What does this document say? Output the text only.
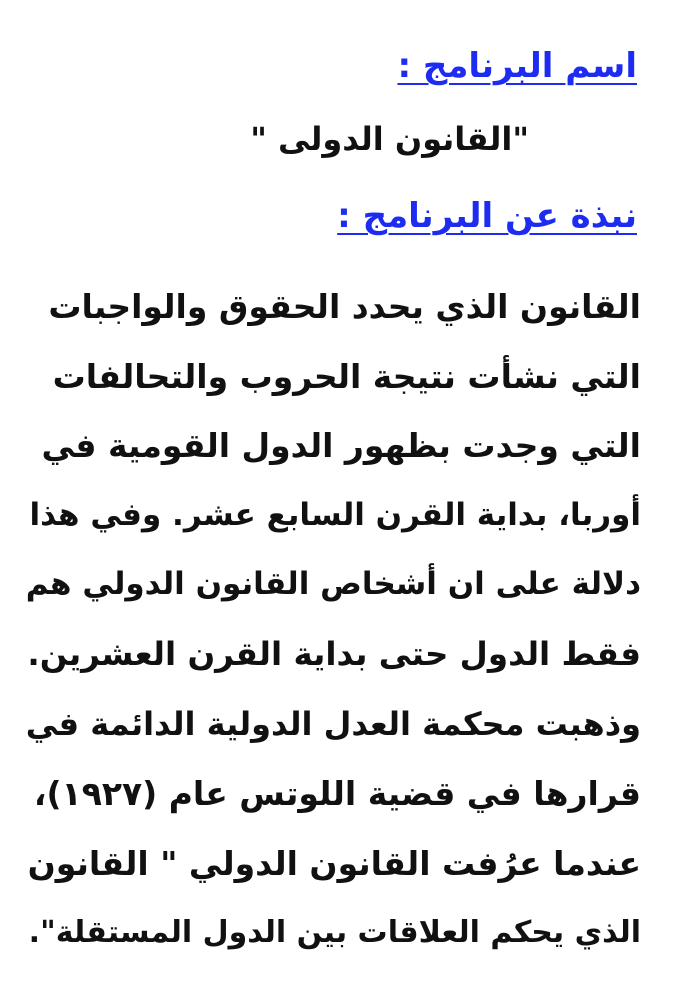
اسم البرنامج :
"القانون الدولى "
نبذة عن البرنامج :
القانون الذي يحدد الحقوق والواجبات
التي نشأت نتيجة الحروب والتحالفات
التي وجدت بظهور الدول القومية في
أوربا، بداية القرن السابع عشر. وفي هذا
دلالة على ان أشخاص القانون الدولي هم
فقط الدول حتى بداية القرن العشرين.
وذهبت محكمة العدل الدولية الدائمة في
قرارها في قضية اللوتس عام (١٩٢٧)،
عندما عرُفت القانون الدولي " القانون
الذي يحكم العلاقات بين الدول المستقلة".
